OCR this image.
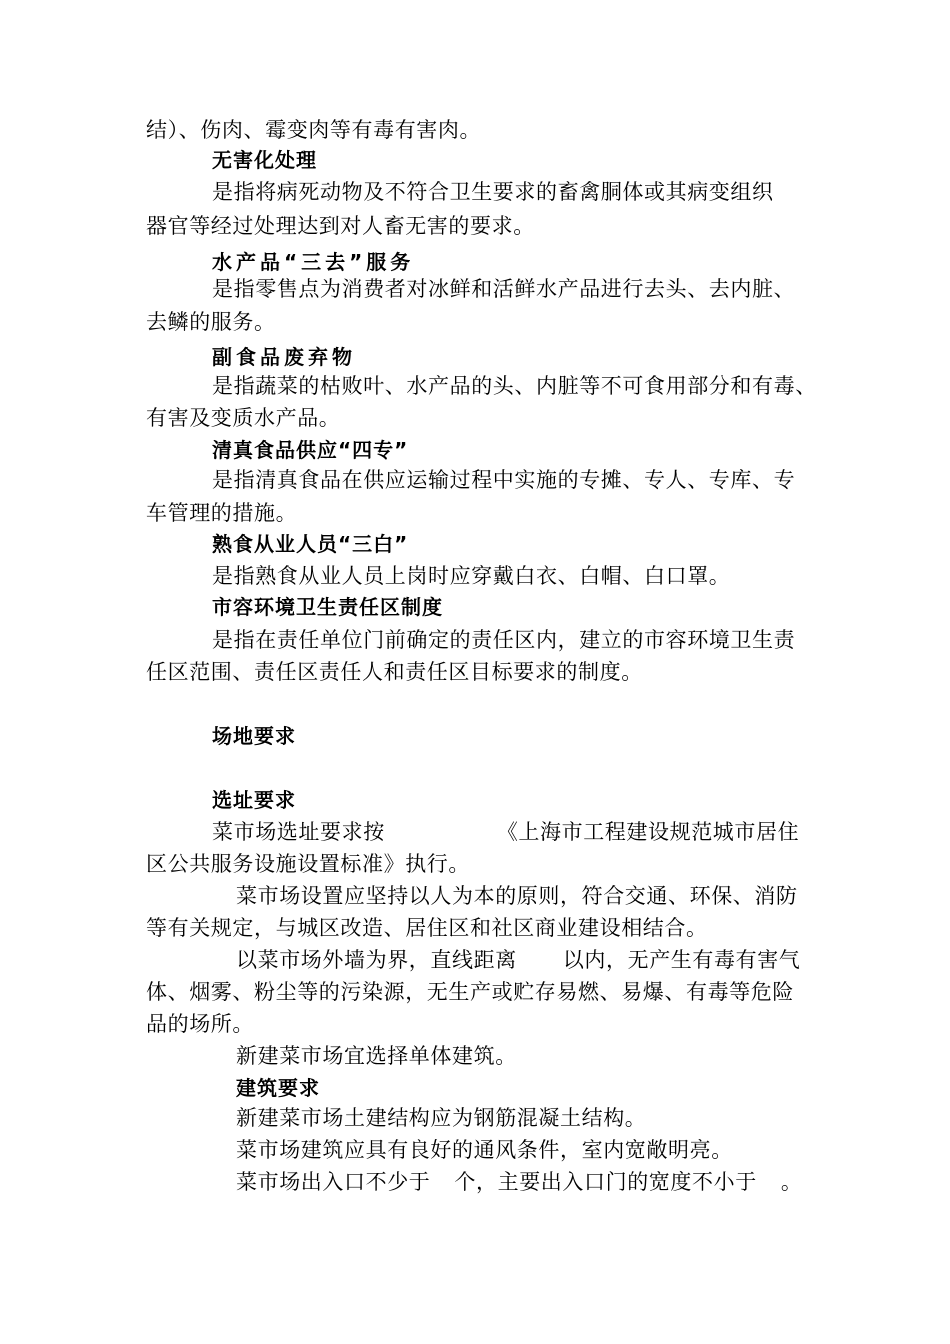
结）、伤肉、霉变肉等有毒有害肉。
无害化处理
是指将病死动物及不符合卫生要求的畜禽胴体或其病变组织
器官等经过处理达到对人畜无害的要求。
水产品“三去”服务
是指零售点为消费者对冰鲜和活鲜水产品进行去头、去内脏、
去鳞的服务。
副食品废弃物
是指蔬菜的枯败叶、水产品的头、内脏等不可食用部分和有毒、
有害及变质水产品。
清真食品供应“四专”
是指清真食品在供应运输过程中实施的专摊、专人、专库、专
车管理的措施。
熟食从业人员“三白”
是指熟食从业人员上岗时应穿戴白衣、白帽、白口罩。
市容环境卫生责任区制度
是指在责任单位门前确定的责任区内，建立的市容环境卫生责
任区范围、责任区责任人和责任区目标要求的制度。
场地要求
选址要求
菜市场选址要求按	《上海市工程建设规范城市居住
区公共服务设施设置标准》执行。
菜市场设置应坚持以人为本的原则，符合交通、环保、消防
等有关规定，与城区改造、居住区和社区商业建设相结合。
以菜市场外墙为界，直线距离 以内，无产生有毒有害气
体、烟雾、粉尘等的污染源，无生产或贮存易燃、易爆、有毒等危险
品的场所。
新建菜市场宜选择单体建筑。
建筑要求
新建菜市场土建结构应为钢筋混凝土结构。
菜市场建筑应具有良好的通风条件，室内宽敞明亮。
菜市场出入口不少于 个，主要出入口门的宽度不小于 。
